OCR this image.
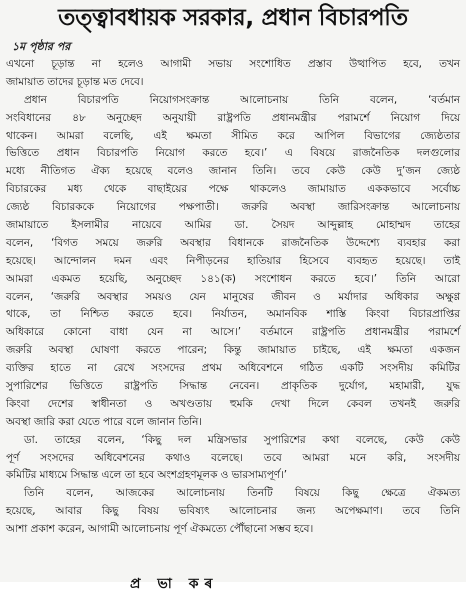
তত্ত্বাবধায়ক সরকার, প্রধান বিচারপতি
১ম পৃষ্ঠার পর
এখনো চূড়ান্ত না হলেও আগামী সভায় সংশোধিত প্রস্তাব উত্থাপিত হবে, তখন
জামায়াত তাদের চূড়ান্ত মত দেবে।
প্রধান বিচারপতি নিয়োগসংক্রান্ত আলোচনায় তিনি বলেন, ‘বর্তমান
সংবিধানের ৪৮ অনুচ্ছেদ অনুযায়ী রাষ্ট্রপতি প্রধানমন্ত্রীর পরামর্শে নিয়োগ দিয়ে
থাকেন। আমরা বলেছি, এই ক্ষমতা সীমিত করে আপিল বিভাগের জ্যেষ্ঠতার
ভিত্তিতে প্রধান বিচারপতি নিয়োগ করতে হবে।’ এ বিষয়ে রাজনৈতিক দলগুলোর
মধ্যে নীতিগত ঐক্য হয়েছে বলেও জানান তিনি। তবে কেউ কেউ দু’জন জ্যেষ্ঠ
বিচারকের মধ্য থেকে বাছাইয়ের পক্ষে থাকলেও জামায়াত এককভাবে সর্বোচ্চ
জ্যেষ্ঠ বিচারককে নিয়োগের পক্ষপাতী। জরুরি অবস্থা জারিসংক্রান্ত আলোচনায়
জামায়াতে ইসলামীর নায়েবে আমির ডা. সৈয়দ আব্দুল্লাহ মোহাম্মদ তাহের
বলেন, ‘বিগত সময়ে জরুরি অবস্থার বিধানকে রাজনৈতিক উদ্দেশ্যে ব্যবহার করা
হয়েছে। আন্দোলন দমন এবং নিপীড়নের হাতিয়ার হিসেবে ব্যবহৃত হয়েছে। তাই
আমরা একমত হয়েছি, অনুচ্ছেদ ১৪১(ক) সংশোধন করতে হবে।’ তিনি আরো
বলেন, ‘জরুরি অবস্থার সময়ও যেন মানুষের জীবন ও মর্যাদার অধিকার অক্ষুণ্ণ
থাকে, তা নিশ্চিত করতে হবে। নির্যাতন, অমানবিক শাস্তি কিংবা বিচারপ্রাপ্তির
অধিকারে কোনো বাধা যেন না আসে।’ বর্তমানে রাষ্ট্রপতি প্রধানমন্ত্রীর পরামর্শে
জরুরি অবস্থা ঘোষণা করতে পারেন; কিন্তু জামায়াত চাইছে, এই ক্ষমতা একজন
ব্যক্তির হাতে না রেখে সংসদের প্রথম অধিবেশনে গঠিত একটি সংসদীয় কমিটির
সুপারিশের ভিত্তিতে রাষ্ট্রপতি সিদ্ধান্ত নেবেন। প্রাকৃতিক দুর্যোগ, মহামারী, যুদ্ধ
কিংবা দেশের স্বাধীনতা ও অখণ্ডতায় হুমকি দেখা দিলে কেবল তখনই জরুরি
অবস্থা জারি করা যেতে পারে বলে জানান তিনি।
ডা. তাহের বলেন, ‘কিছু দল মন্ত্রিসভার সুপারিশের কথা বলেছে, কেউ কেউ
পূর্ণ সংসদের অধিবেশনের কথাও বলেছে। তবে আমরা মনে করি, সংসদীয়
কমিটির মাধ্যমে সিদ্ধান্ত এলে তা হবে অংশগ্রহণমূলক ও ভারসাম্যপূর্ণ।’
তিনি বলেন, আজকের আলোচনায় তিনটি বিষয়ে কিছু ক্ষেত্রে ঐকমত্য
হয়েছে, আবার কিছু বিষয় ভবিষ্যৎ আলোচনার জন্য অপেক্ষমাণ। তবে তিনি
আশা প্রকাশ করেন, আগামী আলোচনায় পূর্ণ ঐকমত্যে পৌঁছানো সম্ভব হবে।
প্ৰ ভা কৰ
